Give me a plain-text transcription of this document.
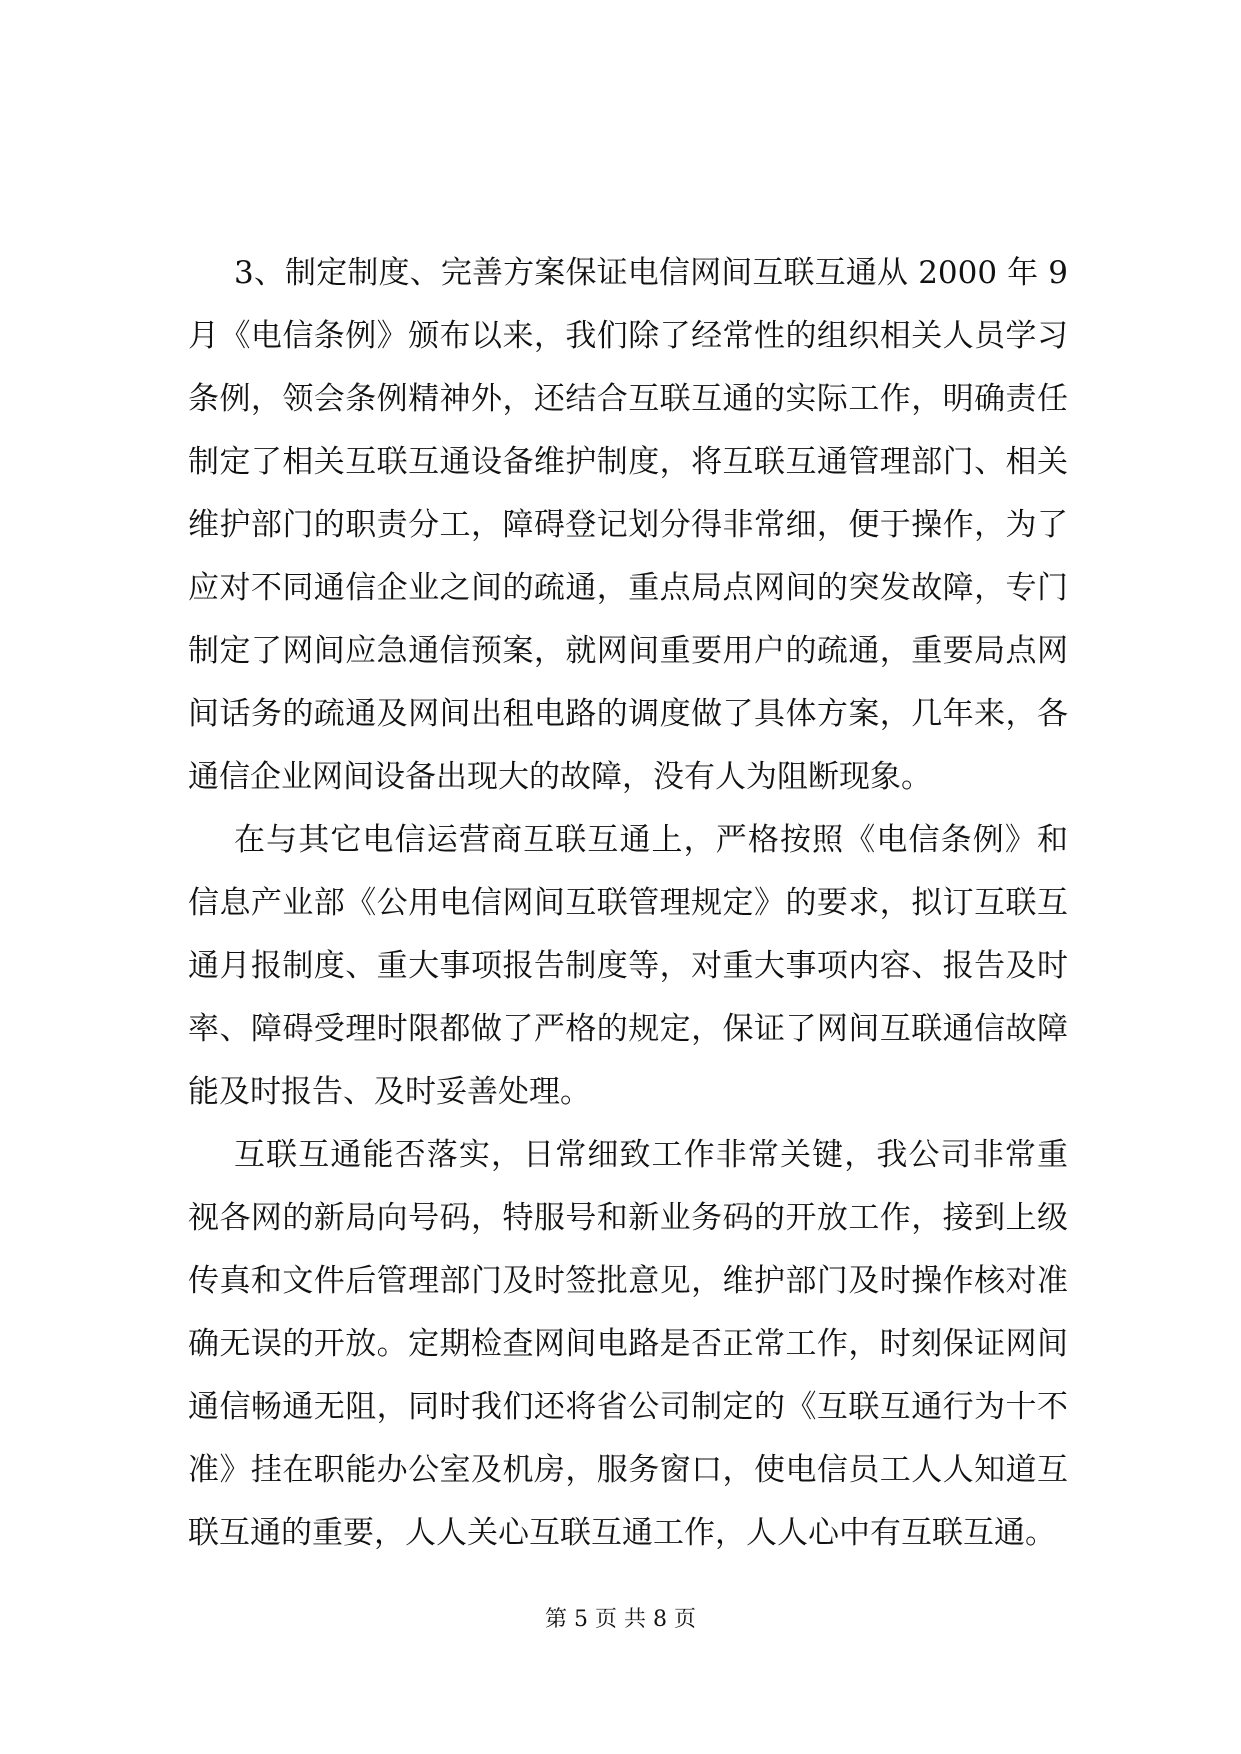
3、制定制度、完善方案保证电信网间互联互通从 2000 年 9
月《电信条例》颁布以来，我们除了经常性的组织相关人员学习
条例，领会条例精神外，还结合互联互通的实际工作，明确责任
制定了相关互联互通设备维护制度，将互联互通管理部门、相关
维护部门的职责分工，障碍登记划分得非常细，便于操作，为了
应对不同通信企业之间的疏通，重点局点网间的突发故障，专门
制定了网间应急通信预案，就网间重要用户的疏通，重要局点网
间话务的疏通及网间出租电路的调度做了具体方案，几年来，各
通信企业网间设备出现大的故障，没有人为阻断现象。
在与其它电信运营商互联互通上，严格按照《电信条例》和
信息产业部《公用电信网间互联管理规定》的要求，拟订互联互
通月报制度、重大事项报告制度等，对重大事项内容、报告及时
率、障碍受理时限都做了严格的规定，保证了网间互联通信故障
能及时报告、及时妥善处理。
互联互通能否落实，日常细致工作非常关键，我公司非常重
视各网的新局向号码，特服号和新业务码的开放工作，接到上级
传真和文件后管理部门及时签批意见，维护部门及时操作核对准
确无误的开放。定期检查网间电路是否正常工作，时刻保证网间
通信畅通无阻，同时我们还将省公司制定的《互联互通行为十不
准》挂在职能办公室及机房，服务窗口，使电信员工人人知道互
联互通的重要，人人关心互联互通工作，人人心中有互联互通。
第 5 页 共 8 页
